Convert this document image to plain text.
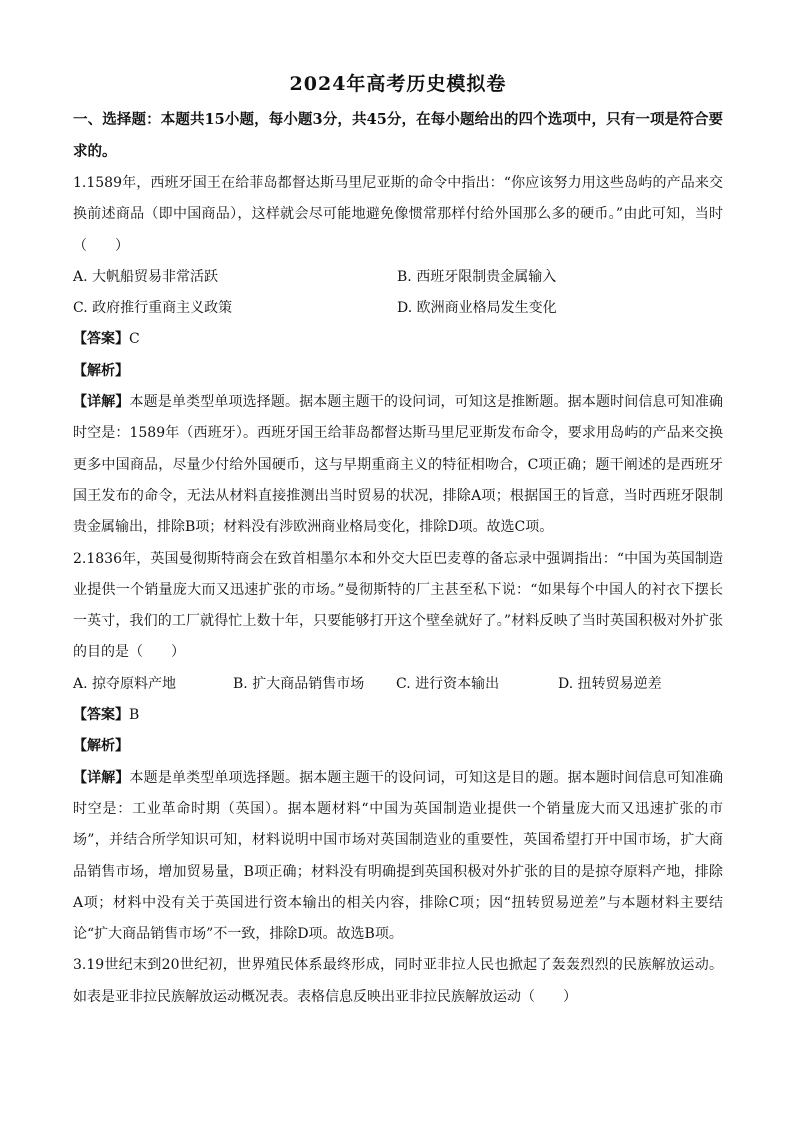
2024年高考历史模拟卷

一、选择题：本题共15小题，每小题3分，共45分，在每小题给出的四个选项中，只有一项是符合要求的。

1.1589年，西班牙国王在给菲岛都督达斯马里尼亚斯的命令中指出：“你应该努力用这些岛屿的产品来交换前述商品（即中国商品），这样就会尽可能地避免像惯常那样付给外国那么多的硬币。”由此可知，当时（　　）

A. 大帆船贸易非常活跃	B. 西班牙限制贵金属输入
C. 政府推行重商主义政策	D. 欧洲商业格局发生变化

【答案】C

【解析】

【详解】本题是单类型单项选择题。据本题主题干的设问词，可知这是推断题。据本题时间信息可知准确时空是：1589年（西班牙）。西班牙国王给菲岛都督达斯马里尼亚斯发布命令，要求用岛屿的产品来交换更多中国商品，尽量少付给外国硬币，这与早期重商主义的特征相吻合，C项正确；题干阐述的是西班牙国王发布的命令，无法从材料直接推测出当时贸易的状况，排除A项；根据国王的旨意，当时西班牙限制贵金属输出，排除B项；材料没有涉欧洲商业格局变化，排除D项。故选C项。

2.1836年，英国曼彻斯特商会在致首相墨尔本和外交大臣巴麦尊的备忘录中强调指出：“中国为英国制造业提供一个销量庞大而又迅速扩张的市场。”曼彻斯特的厂主甚至私下说：“如果每个中国人的衬衣下摆长一英寸，我们的工厂就得忙上数十年，只要能够打开这个壁垒就好了。”材料反映了当时英国积极对外扩张的目的是（　　）

A. 掠夺原料产地	B. 扩大商品销售市场	C. 进行资本输出	D. 扭转贸易逆差

【答案】B

【解析】

【详解】本题是单类型单项选择题。据本题主题干的设问词，可知这是目的题。据本题时间信息可知准确时空是：工业革命时期（英国）。据本题材料“中国为英国制造业提供一个销量庞大而又迅速扩张的市场”，并结合所学知识可知，材料说明中国市场对英国制造业的重要性，英国希望打开中国市场，扩大商品销售市场，增加贸易量，B项正确；材料没有明确提到英国积极对外扩张的目的是掠夺原料产地，排除A项；材料中没有关于英国进行资本输出的相关内容，排除C项；因“扭转贸易逆差”与本题材料主要结论“扩大商品销售市场”不一致，排除D项。故选B项。

3.19世纪末到20世纪初，世界殖民体系最终形成，同时亚非拉人民也掀起了轰轰烈烈的民族解放运动。如表是亚非拉民族解放运动概况表。表格信息反映出亚非拉民族解放运动（　　）
